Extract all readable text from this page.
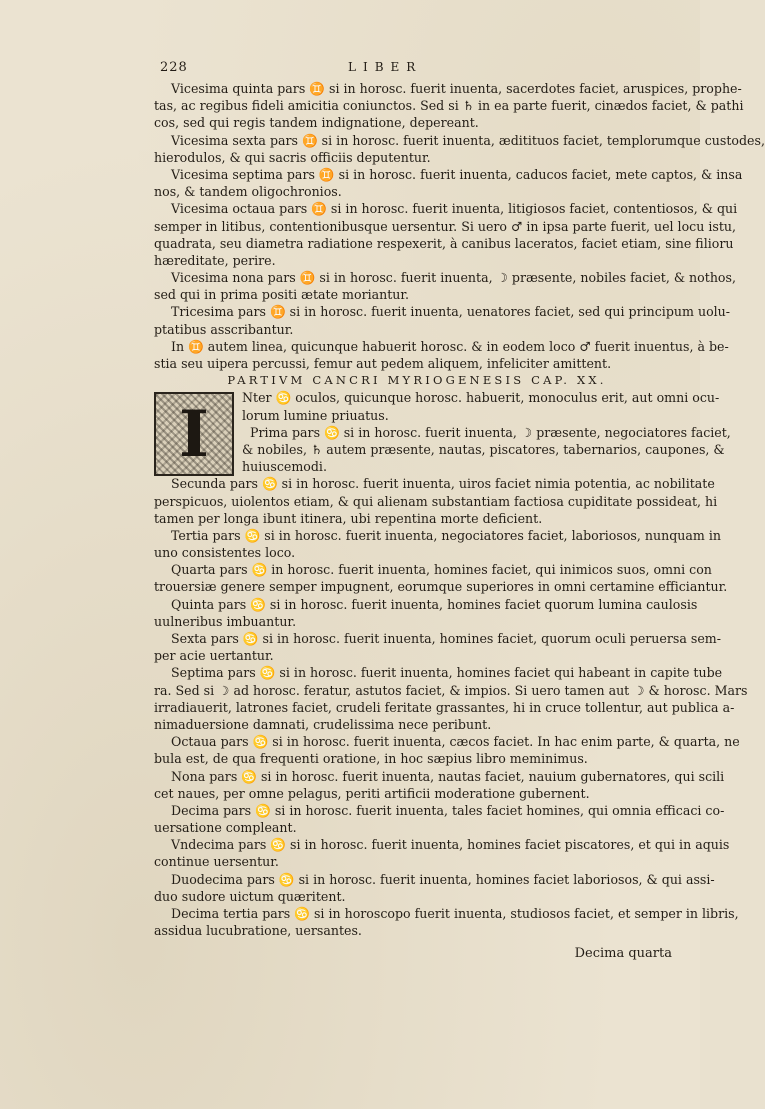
228	LIBER
Vicesima quinta pars ♊ si in horosc. fuerit inuenta, sacerdotes faciet, aruspices, prophe-
tas, ac regibus fideli amicitia coniunctos. Sed si ♄ in ea parte fuerit, cinædos faciet, & pathi
cos, sed qui regis tandem indignatione, depereant.
Vicesima sexta pars ♊ si in horosc. fuerit inuenta, æditituos faciet, templorumque custodes,
hierodulos, & qui sacris officiis deputentur.
Vicesima septima pars ♊ si in horosc. fuerit inuenta, caducos faciet, mete captos, & insa
nos, & tandem oligochronios.
Vicesima octaua pars ♊ si in horosc. fuerit inuenta, litigiosos faciet, contentiosos, & qui
semper in litibus, contentionibusque uersentur. Si uero ♂ in ipsa parte fuerit, uel locu istu,
quadrata, seu diametra radiatione respexerit, à canibus laceratos, faciet etiam, sine filioru
hæreditate, perire.
Vicesima nona pars ♊ si in horosc. fuerit inuenta, ☽ præsente, nobiles faciet, & nothos,
sed qui in prima positi ætate moriantur.
Tricesima pars ♊ si in horosc. fuerit inuenta, uenatores faciet, sed qui principum uolu-
ptatibus asscribantur.
In ♊ autem linea, quicunque habuerit horosc. & in eodem loco ♂ fuerit inuentus, à be-
stia seu uipera percussi, femur aut pedem aliquem, infeliciter amittent.
PARTIVM CANCRI MYRIOGENESIS CAP. XX.
I	Nter ♋ oculos, quicunque horosc. habuerit, monoculus erit, aut omni ocu-
lorum lumine priuatus.
Prima pars ♋ si in horosc. fuerit inuenta, ☽ præsente, negociatores faciet,
& nobiles, ♄ autem præsente, nautas, piscatores, tabernarios, caupones, &
huiuscemodi.
Secunda pars ♋ si in horosc. fuerit inuenta, uiros faciet nimia potentia, ac nobilitate
perspicuos, uiolentos etiam, & qui alienam substantiam factiosa cupiditate possideat, hi
tamen per longa ibunt itinera, ubi repentina morte deficient.
Tertia pars ♋ si in horosc. fuerit inuenta, negociatores faciet, laboriosos, nunquam in
uno consistentes loco.
Quarta pars ♋ in horosc. fuerit inuenta, homines faciet, qui inimicos suos, omni con
trouersiæ genere semper impugnent, eorumque superiores in omni certamine efficiantur.
Quinta pars ♋ si in horosc. fuerit inuenta, homines faciet quorum lumina caulosis
uulneribus imbuantur.
Sexta pars ♋ si in horosc. fuerit inuenta, homines faciet, quorum oculi peruersa sem-
per acie uertantur.
Septima pars ♋ si in horosc. fuerit inuenta, homines faciet qui habeant in capite tube
ra. Sed si ☽ ad horosc. feratur, astutos faciet, & impios. Si uero tamen aut ☽ & horosc. Mars
irradiauerit, latrones faciet, crudeli feritate grassantes, hi in cruce tollentur, aut publica a-
nimaduersione damnati, crudelissima nece peribunt.
Octaua pars ♋ si in horosc. fuerit inuenta, cæcos faciet. In hac enim parte, & quarta, ne
bula est, de qua frequenti oratione, in hoc sæpius libro meminimus.
Nona pars ♋ si in horosc. fuerit inuenta, nautas faciet, nauium gubernatores, qui scili
cet naues, per omne pelagus, periti artificii moderatione gubernent.
Decima pars ♋ si in horosc. fuerit inuenta, tales faciet homines, qui omnia efficaci co-
uersatione compleant.
Vndecima pars ♋ si in horosc. fuerit inuenta, homines faciet piscatores, et qui in aquis
continue uersentur.
Duodecima pars ♋ si in horosc. fuerit inuenta, homines faciet laboriosos, & qui assi-
duo sudore uictum quæritent.
Decima tertia pars ♋ si in horoscopo fuerit inuenta, studiosos faciet, et semper in libris,
assidua lucubratione, uersantes.
Decima quarta
